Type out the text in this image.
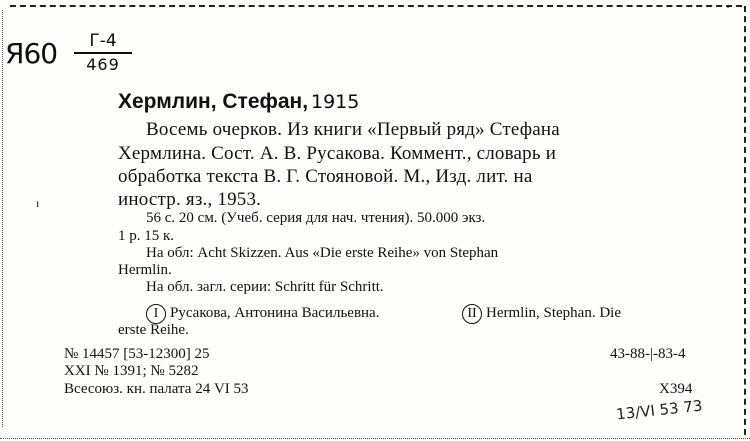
·
Я60	Г-4
469
Хермлин, Стефан, 1915
Восемь очерков. Из книги «Первый ряд» Стефана
Хермлина. Сост. А. В. Русакова. Коммент., словарь и
обработка текста В. Г. Стояновой. М., Изд. лит. на
иностр. яз., 1953.
ı
56 с. 20 см. (Учеб. серия для нач. чтения). 50.000 экз.
1 р. 15 к.
На обл: Acht Skizzen. Aus «Die erste Reihe» von Stephan
Hermlin.
На обл. загл. серии: Schritt für Schritt.
I Русакова, Антонина Васильевна.	II Hermlin, Stephan. Die
erste Reihe.
№ 14457 [53-12300] 25
XXI № 1391; № 5282
Всесоюз. кн. палата 24 VI 53
43-88-|-83-4
Х394
13/VI 53 73
